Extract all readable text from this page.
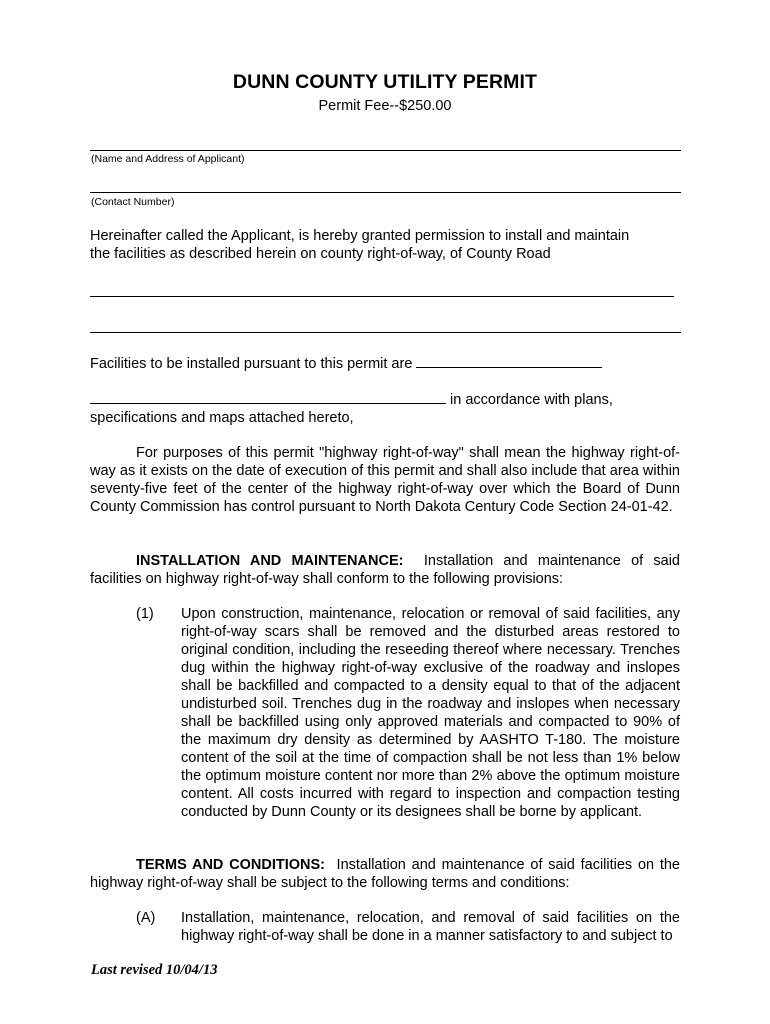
DUNN COUNTY UTILITY PERMIT
Permit Fee--$250.00
(Name and Address of Applicant)
(Contact Number)
Hereinafter called the Applicant, is hereby granted permission to install and maintain
the facilities as described herein on county right-of-way, of County Road
Facilities to be installed pursuant to this permit are
in accordance with plans,
specifications and maps attached hereto,
For purposes of this permit "highway right-of-way" shall mean the highway right-of-way as it exists on the date of execution of this permit and shall also include that area within seventy-five feet of the center of the highway right-of-way over which the Board of Dunn County Commission has control pursuant to North Dakota Century Code Section 24-01-42.
INSTALLATION AND MAINTENANCE: Installation and maintenance of said facilities on highway right-of-way shall conform to the following provisions:
(1) Upon construction, maintenance, relocation or removal of said facilities, any right-of-way scars shall be removed and the disturbed areas restored to original condition, including the reseeding thereof where necessary. Trenches dug within the highway right-of-way exclusive of the roadway and inslopes shall be backfilled and compacted to a density equal to that of the adjacent undisturbed soil. Trenches dug in the roadway and inslopes when necessary shall be backfilled using only approved materials and compacted to 90% of the maximum dry density as determined by AASHTO T-180. The moisture content of the soil at the time of compaction shall be not less than 1% below the optimum moisture content nor more than 2% above the optimum moisture content. All costs incurred with regard to inspection and compaction testing conducted by Dunn County or its designees shall be borne by applicant.
TERMS AND CONDITIONS: Installation and maintenance of said facilities on the highway right-of-way shall be subject to the following terms and conditions:
(A) Installation, maintenance, relocation, and removal of said facilities on the highway right-of-way shall be done in a manner satisfactory to and subject to
Last revised 10/04/13
